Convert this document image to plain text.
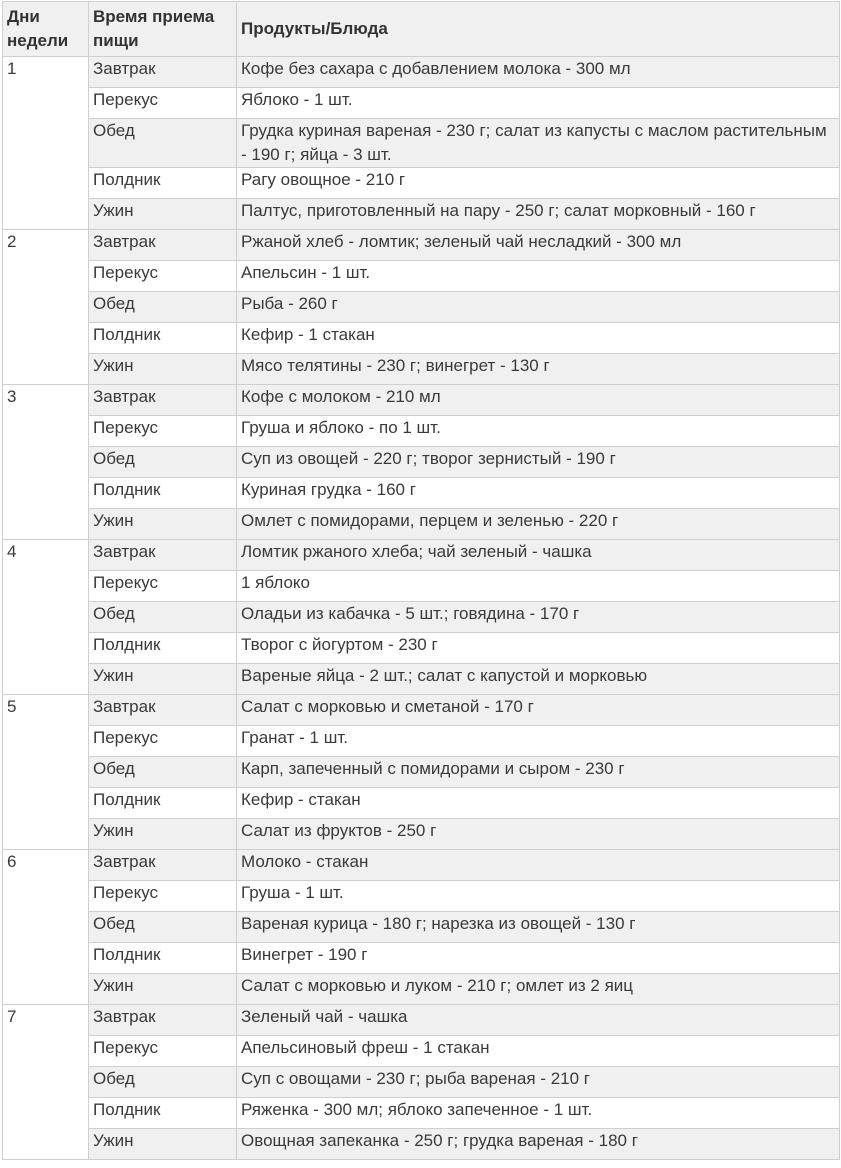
Дни недели	Время приема пищи	Продукты/Блюда
1	Завтрак	Кофе без сахара с добавлением молока - 300 мл
	Перекус	Яблоко - 1 шт.
	Обед	Грудка куриная вареная - 230 г; салат из капусты с маслом растительным - 190 г; яйца - 3 шт.
	Полдник	Рагу овощное - 210 г
	Ужин	Палтус, приготовленный на пару - 250 г; салат морковный - 160 г
2	Завтрак	Ржаной хлеб - ломтик; зеленый чай несладкий - 300 мл
	Перекус	Апельсин - 1 шт.
	Обед	Рыба - 260 г
	Полдник	Кефир - 1 стакан
	Ужин	Мясо телятины - 230 г; винегрет - 130 г
3	Завтрак	Кофе с молоком - 210 мл
	Перекус	Груша и яблоко - по 1 шт.
	Обед	Суп из овощей - 220 г; творог зернистый - 190 г
	Полдник	Куриная грудка - 160 г
	Ужин	Омлет с помидорами, перцем и зеленью - 220 г
4	Завтрак	Ломтик ржаного хлеба; чай зеленый - чашка
	Перекус	1 яблоко
	Обед	Оладьи из кабачка - 5 шт.; говядина - 170 г
	Полдник	Творог с йогуртом - 230 г
	Ужин	Вареные яйца - 2 шт.; салат с капустой и морковью
5	Завтрак	Салат с морковью и сметаной - 170 г
	Перекус	Гранат - 1 шт.
	Обед	Карп, запеченный с помидорами и сыром - 230 г
	Полдник	Кефир - стакан
	Ужин	Салат из фруктов - 250 г
6	Завтрак	Молоко - стакан
	Перекус	Груша - 1 шт.
	Обед	Вареная курица - 180 г; нарезка из овощей - 130 г
	Полдник	Винегрет - 190 г
	Ужин	Салат с морковью и луком - 210 г; омлет из 2 яиц
7	Завтрак	Зеленый чай - чашка
	Перекус	Апельсиновый фреш - 1 стакан
	Обед	Суп с овощами - 230 г; рыба вареная - 210 г
	Полдник	Ряженка - 300 мл; яблоко запеченное - 1 шт.
	Ужин	Овощная запеканка - 250 г; грудка вареная - 180 г
